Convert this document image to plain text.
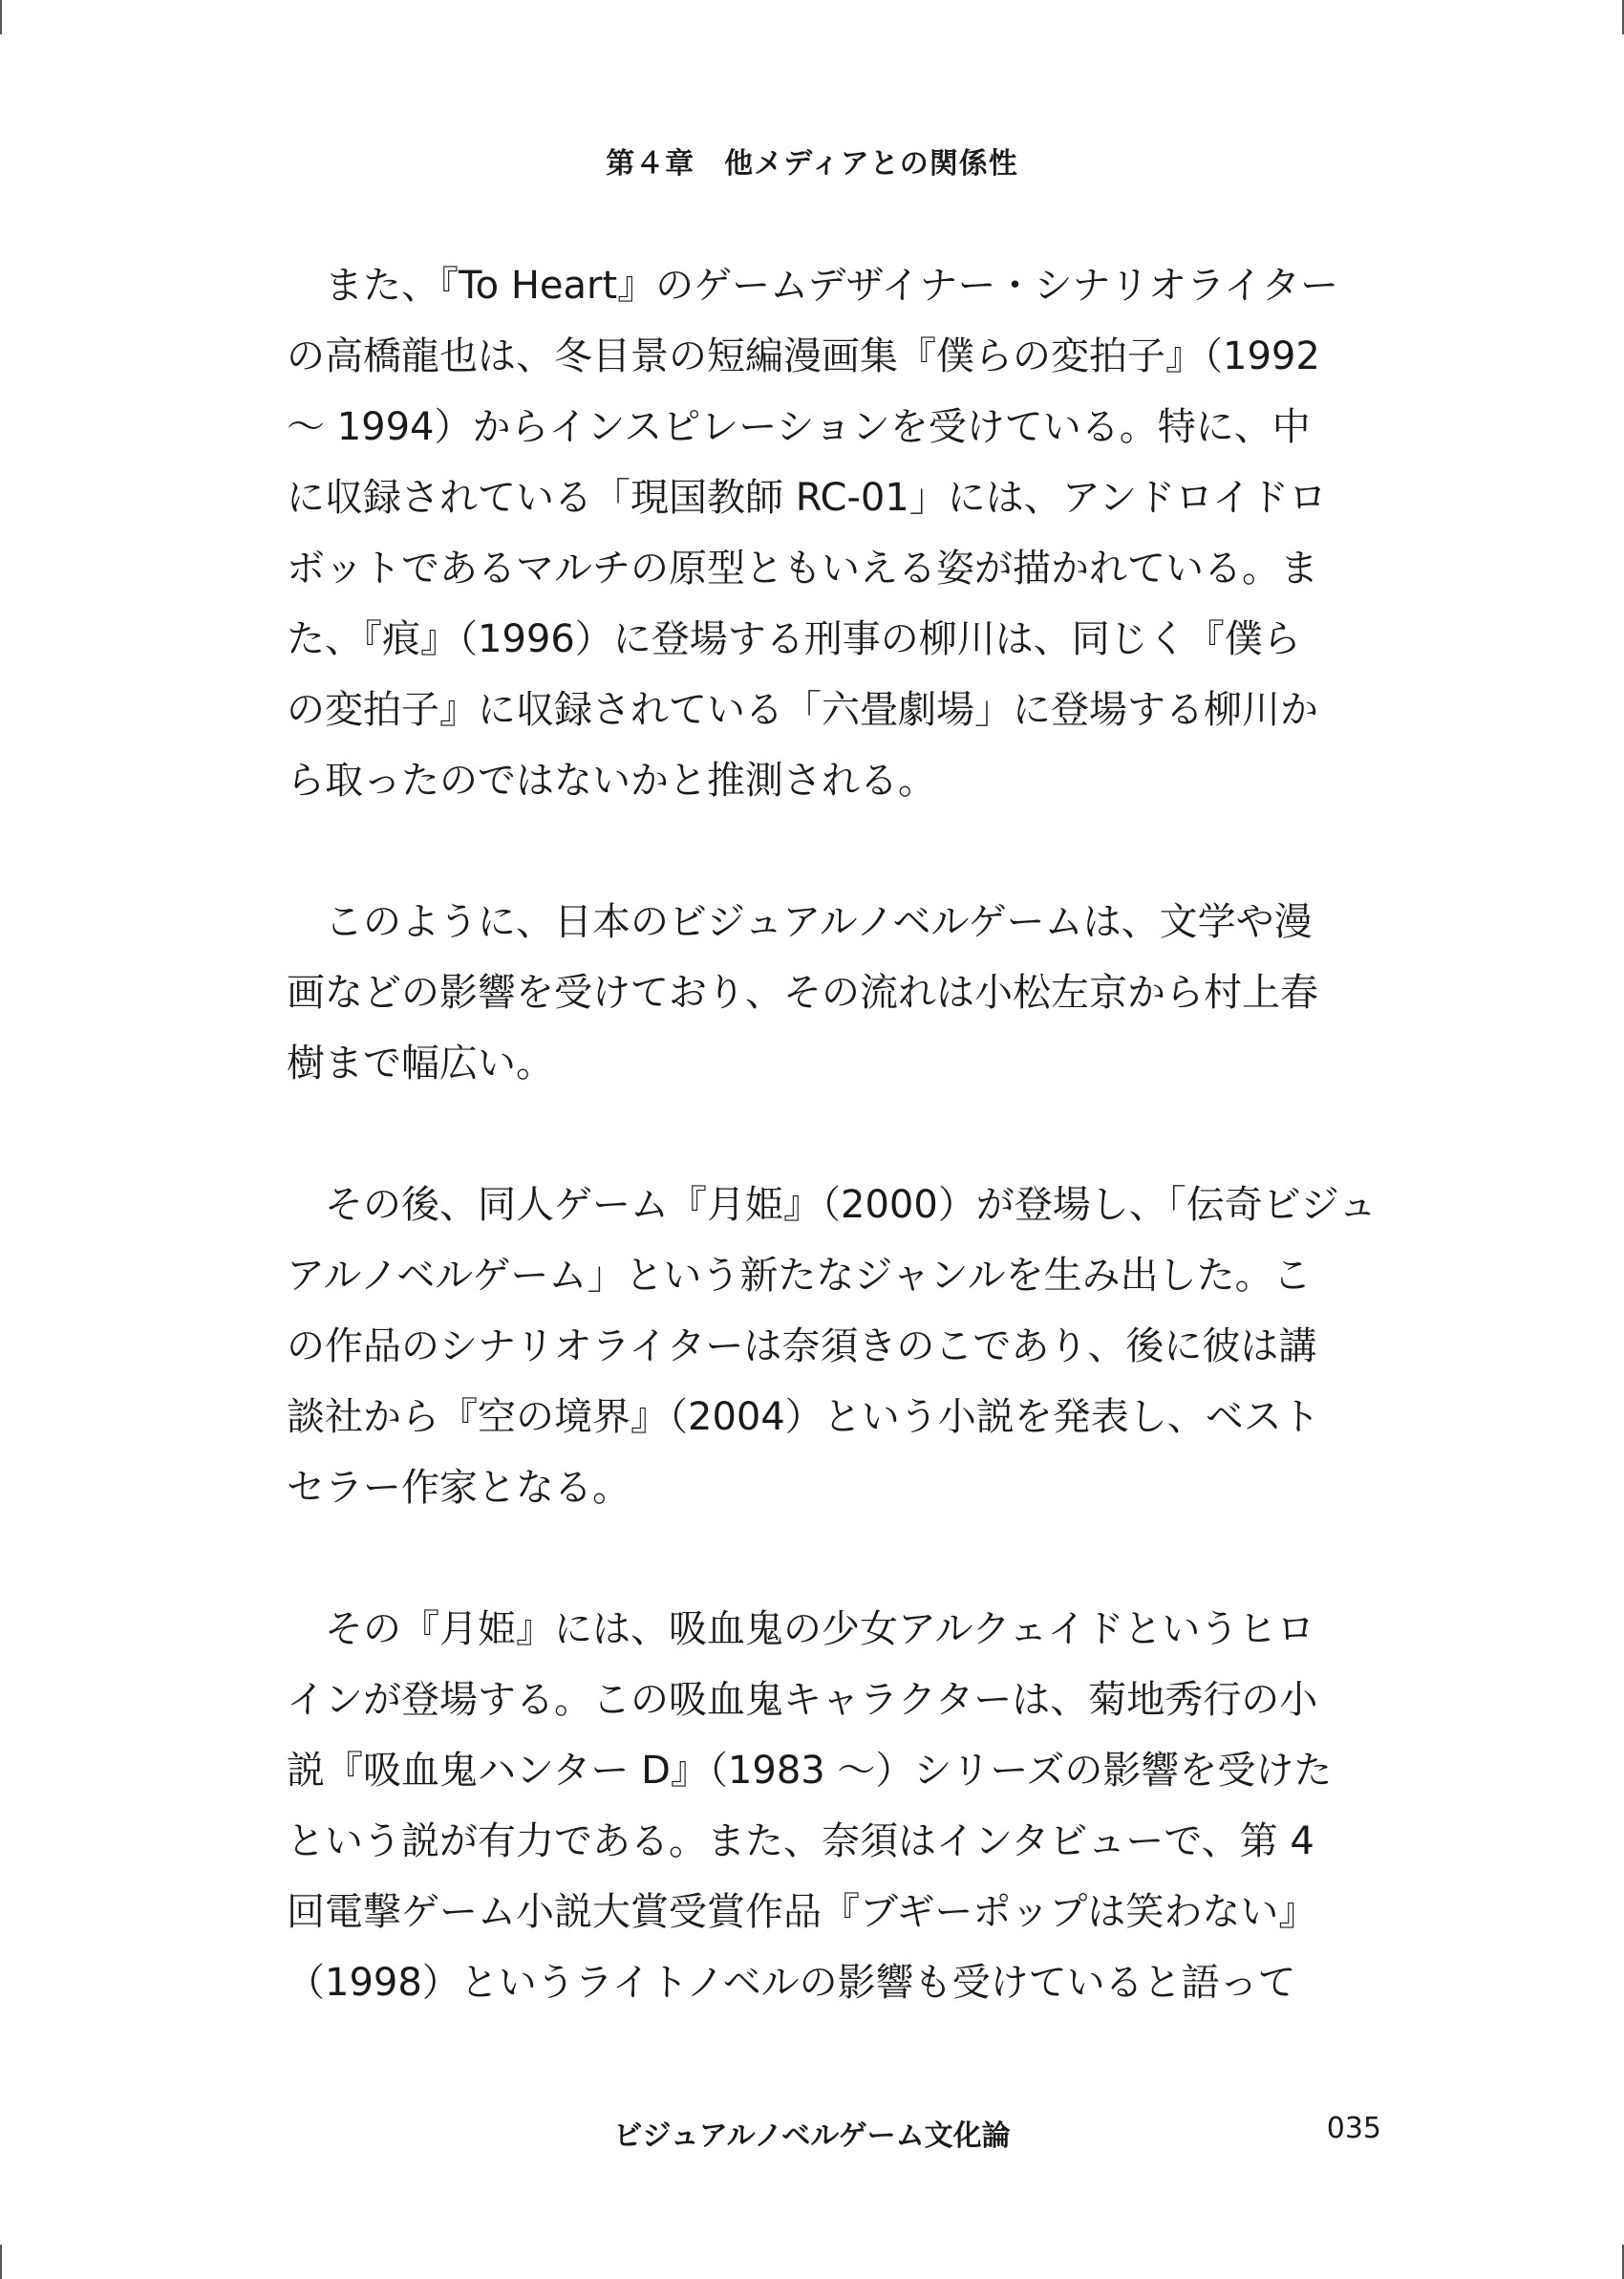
第４章　他メディアとの関係性
　また、『To Heart』のゲームデザイナー・シナリオライター
の高橋龍也は、冬目景の短編漫画集『僕らの変拍子』（1992
〜 1994）からインスピレーションを受けている。特に、中
に収録されている「現国教師 RC-01」には、アンドロイドロ
ボットであるマルチの原型ともいえる姿が描かれている。ま
た、『痕』（1996）に登場する刑事の柳川は、同じく『僕ら
の変拍子』に収録されている「六畳劇場」に登場する柳川か
ら取ったのではないかと推測される。
　このように、日本のビジュアルノベルゲームは、文学や漫
画などの影響を受けており、その流れは小松左京から村上春
樹まで幅広い。
　その後、同人ゲーム『月姫』（2000）が登場し、「伝奇ビジュ
アルノベルゲーム」という新たなジャンルを生み出した。こ
の作品のシナリオライターは奈須きのこであり、後に彼は講
談社から『空の境界』（2004）という小説を発表し、ベスト
セラー作家となる。
　その『月姫』には、吸血鬼の少女アルクェイドというヒロ
インが登場する。この吸血鬼キャラクターは、菊地秀行の小
説『吸血鬼ハンター D』（1983 〜）シリーズの影響を受けた
という説が有力である。また、奈須はインタビューで、第 4
回電撃ゲーム小説大賞受賞作品『ブギーポップは笑わない』
（1998）というライトノベルの影響も受けていると語って
ビジュアルノベルゲーム文化論	035
